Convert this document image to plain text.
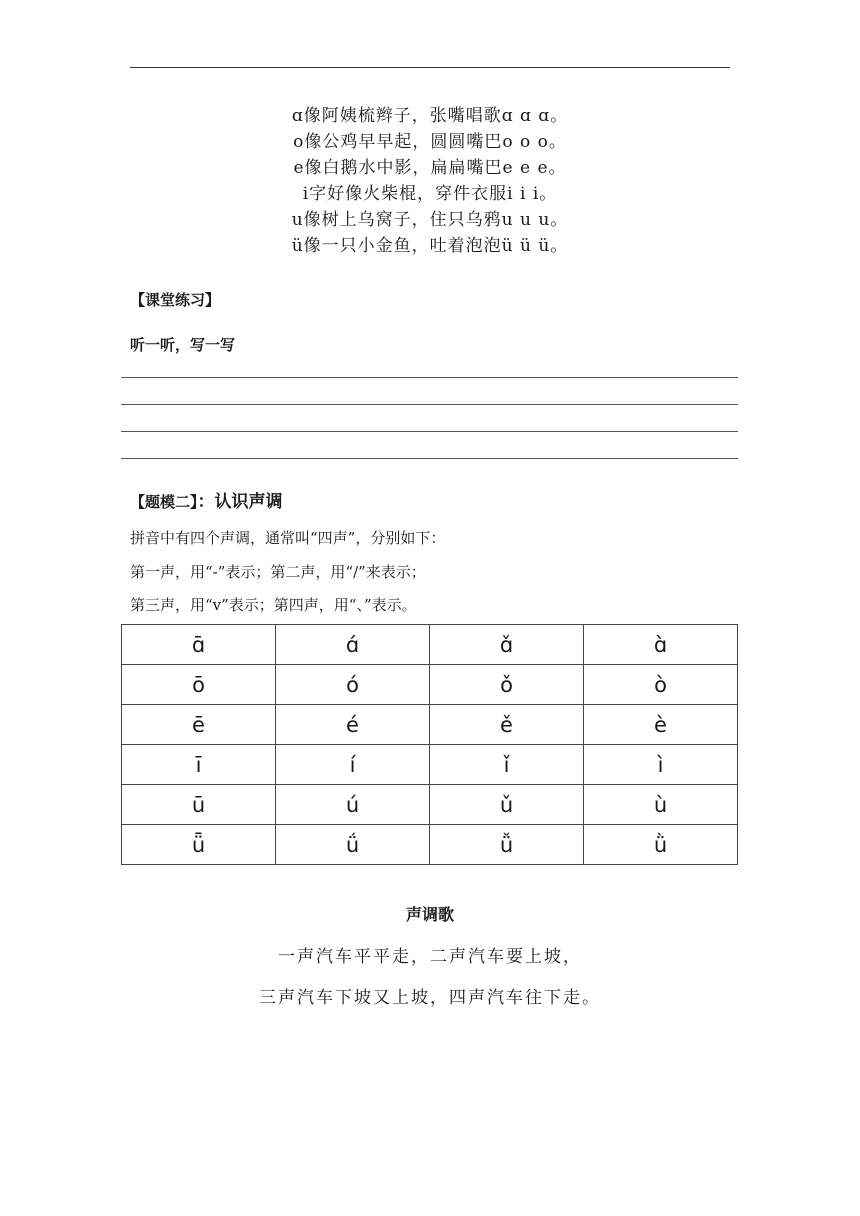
ɑ像阿姨梳辫子，张嘴唱歌ɑ ɑ ɑ。
o像公鸡早早起，圆圆嘴巴o o o。
e像白鹅水中影，扁扁嘴巴e e e。
i字好像火柴棍，穿件衣服i i i。
u像树上乌窝子，住只乌鸦u u u。
ü像一只小金鱼，吐着泡泡ü ü ü。
【课堂练习】
听一听，写一写
【题模二】：认识声调
拼音中有四个声调，通常叫“四声”，分别如下：
第一声，用“-”表示；第二声，用“/”来表示；
第三声，用“v”表示；第四声，用“、”表示。
ɑ̄	ɑ́	ɑ̌	ɑ̀
ō	ó	ǒ	ò
ē	é	ě	è
ī	í	ǐ	ì
ū	ú	ǔ	ù
ǖ	ǘ	ǚ	ǜ
声调歌
一声汽车平平走，二声汽车要上坡，
三声汽车下坡又上坡，四声汽车往下走。
